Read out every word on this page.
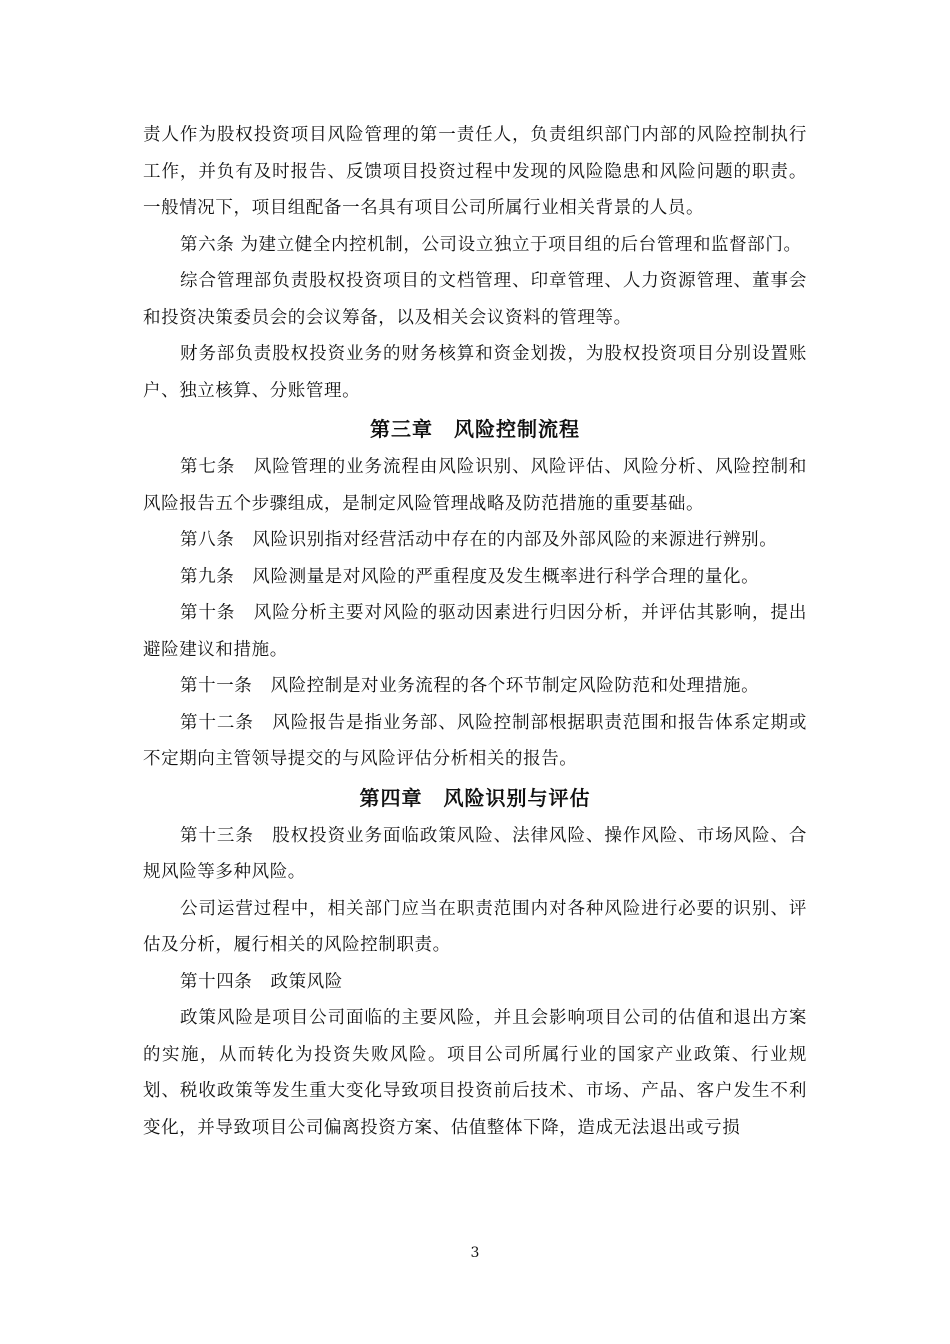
责人作为股权投资项目风险管理的第一责任人，负责组织部门内部的风险控制执行工作，并负有及时报告、反馈项目投资过程中发现的风险隐患和风险问题的职责。一般情况下，项目组配备一名具有项目公司所属行业相关背景的人员。

第六条 为建立健全内控机制，公司设立独立于项目组的后台管理和监督部门。

综合管理部负责股权投资项目的文档管理、印章管理、人力资源管理、董事会和投资决策委员会的会议筹备，以及相关会议资料的管理等。

财务部负责股权投资业务的财务核算和资金划拨，为股权投资项目分别设置账户、独立核算、分账管理。

第三章　风险控制流程

第七条　风险管理的业务流程由风险识别、风险评估、风险分析、风险控制和风险报告五个步骤组成，是制定风险管理战略及防范措施的重要基础。

第八条　风险识别指对经营活动中存在的内部及外部风险的来源进行辨别。

第九条　风险测量是对风险的严重程度及发生概率进行科学合理的量化。

第十条　风险分析主要对风险的驱动因素进行归因分析，并评估其影响，提出避险建议和措施。

第十一条　风险控制是对业务流程的各个环节制定风险防范和处理措施。

第十二条　风险报告是指业务部、风险控制部根据职责范围和报告体系定期或不定期向主管领导提交的与风险评估分析相关的报告。

第四章　风险识别与评估

第十三条　股权投资业务面临政策风险、法律风险、操作风险、市场风险、合规风险等多种风险。

公司运营过程中，相关部门应当在职责范围内对各种风险进行必要的识别、评估及分析，履行相关的风险控制职责。

第十四条　政策风险

政策风险是项目公司面临的主要风险，并且会影响项目公司的估值和退出方案的实施，从而转化为投资失败风险。项目公司所属行业的国家产业政策、行业规划、税收政策等发生重大变化导致项目投资前后技术、市场、产品、客户发生不利变化，并导致项目公司偏离投资方案、估值整体下降，造成无法退出或亏损

3
